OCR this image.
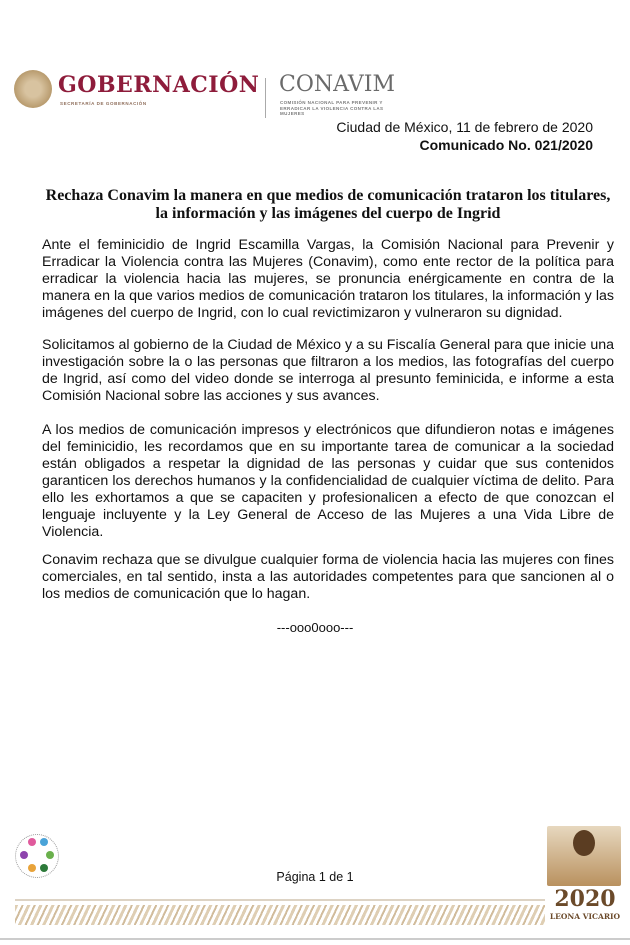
GOBERNACIÓN
SECRETARÍA DE GOBERNACIÓN
CONAVIM
COMISIÓN NACIONAL PARA PREVENIR Y ERRADICAR LA VIOLENCIA CONTRA LAS MUJERES
Ciudad de México, 11 de febrero de 2020
Comunicado No. 021/2020
Rechaza Conavim la manera en que medios de comunicación trataron los titulares, la información y las imágenes del cuerpo de Ingrid

Ante el feminicidio de Ingrid Escamilla Vargas, la Comisión Nacional para Prevenir y Erradicar la Violencia contra las Mujeres (Conavim), como ente rector de la política para erradicar la violencia hacia las mujeres, se pronuncia enérgicamente en contra de la manera en la que varios medios de comunicación trataron los titulares, la información y las imágenes del cuerpo de Ingrid, con lo cual revictimizaron y vulneraron su dignidad.

Solicitamos al gobierno de la Ciudad de México y a su Fiscalía General para que inicie una investigación sobre la o las personas que filtraron a los medios, las fotografías del cuerpo de Ingrid, así como del video donde se interroga al presunto feminicida, e informe a esta Comisión Nacional sobre las acciones y sus avances.

A los medios de comunicación impresos y electrónicos que difundieron notas e imágenes del feminicidio, les recordamos que en su importante tarea de comunicar a la sociedad están obligados a respetar la dignidad de las personas y cuidar que sus contenidos garanticen los derechos humanos y la confidencialidad de cualquier víctima de delito. Para ello les exhortamos a que se capaciten y profesionalicen a efecto de que conozcan el lenguaje incluyente y la Ley General de Acceso de las Mujeres a una Vida Libre de Violencia.

Conavim rechaza que se divulgue cualquier forma de violencia hacia las mujeres con fines comerciales, en tal sentido, insta a las autoridades competentes para que sancionen al o los medios de comunicación que lo hagan.

---ooo0ooo---
Página 1 de 1
2020
LEONA VICARIO
